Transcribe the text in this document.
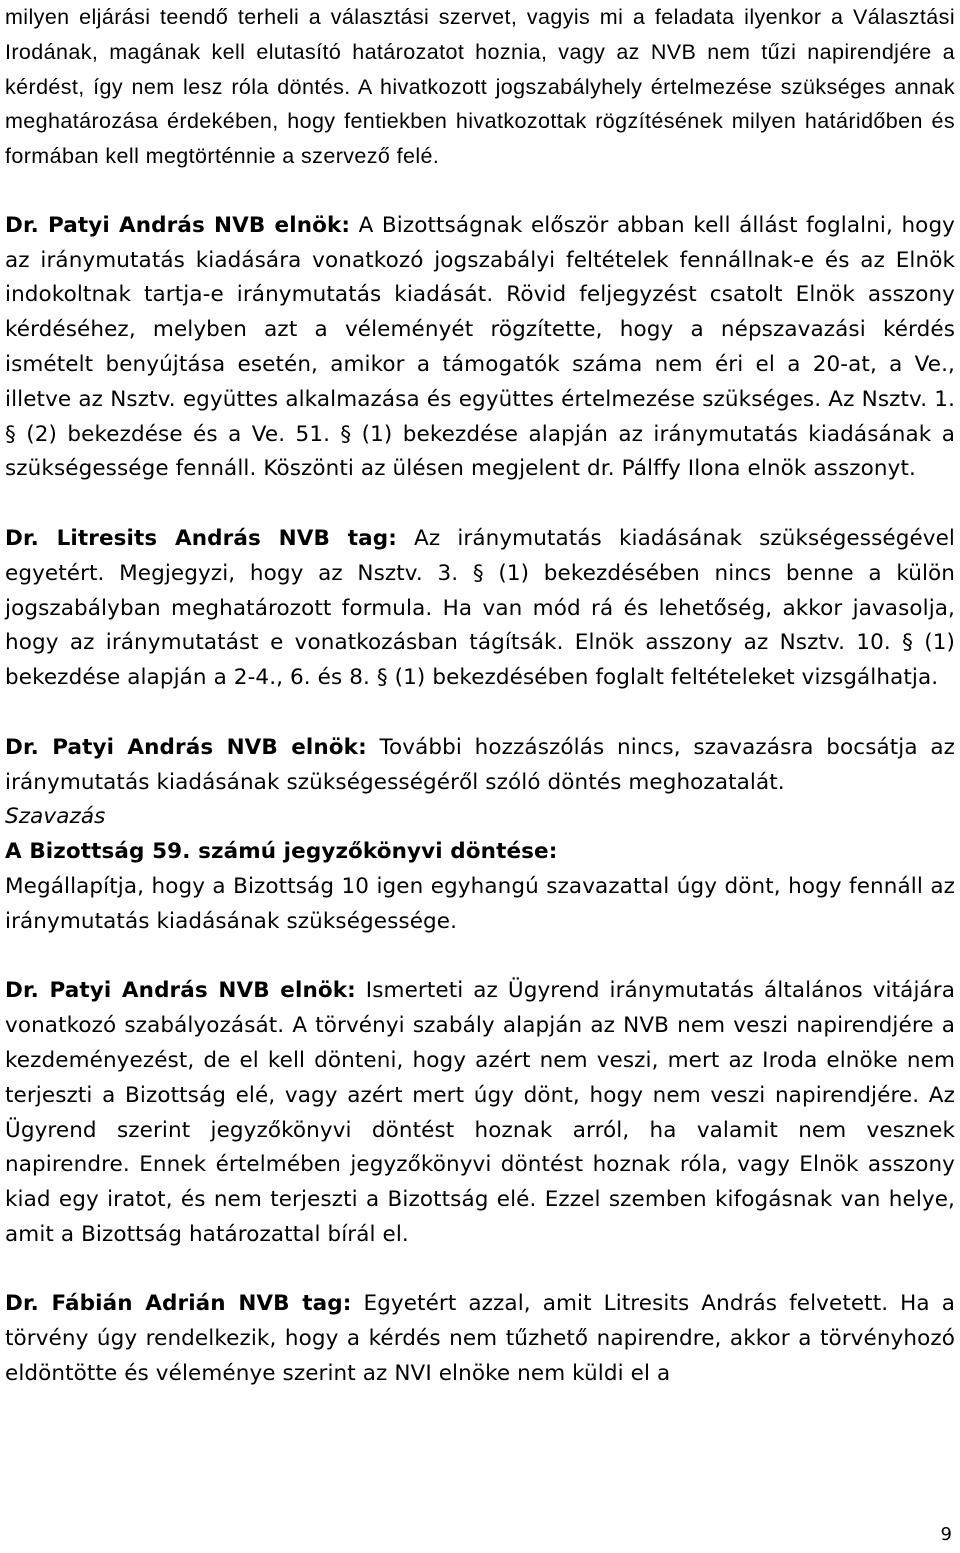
milyen eljárási teendő terheli a választási szervet, vagyis mi a feladata ilyenkor a Választási Irodának, magának kell elutasító határozatot hoznia, vagy az NVB nem tűzi napirendjére a kérdést, így nem lesz róla döntés. A hivatkozott jogszabályhely értelmezése szükséges annak meghatározása érdekében, hogy fentiekben hivatkozottak rögzítésének milyen határidőben és formában kell megtörténnie a szervező felé.

Dr. Patyi András NVB elnök: A Bizottságnak először abban kell állást foglalni, hogy az iránymutatás kiadására vonatkozó jogszabályi feltételek fennállnak-e és az Elnök indokoltnak tartja-e iránymutatás kiadását. Rövid feljegyzést csatolt Elnök asszony kérdéséhez, melyben azt a véleményét rögzítette, hogy a népszavazási kérdés ismételt benyújtása esetén, amikor a támogatók száma nem éri el a 20-at, a Ve., illetve az Nsztv. együttes alkalmazása és együttes értelmezése szükséges. Az Nsztv. 1. § (2) bekezdése és a Ve. 51. § (1) bekezdése alapján az iránymutatás kiadásának a szükségessége fennáll. Köszönti az ülésen megjelent dr. Pálffy Ilona elnök asszonyt.

Dr. Litresits András NVB tag: Az iránymutatás kiadásának szükségességével egyetért. Megjegyzi, hogy az Nsztv. 3. § (1) bekezdésében nincs benne a külön jogszabályban meghatározott formula. Ha van mód rá és lehetőség, akkor javasolja, hogy az iránymutatást e vonatkozásban tágítsák. Elnök asszony az Nsztv. 10. § (1) bekezdése alapján a 2-4., 6. és 8. § (1) bekezdésében foglalt feltételeket vizsgálhatja.

Dr. Patyi András NVB elnök: További hozzászólás nincs, szavazásra bocsátja az iránymutatás kiadásának szükségességéről szóló döntés meghozatalát.

Szavazás

A Bizottság 59. számú jegyzőkönyvi döntése:

Megállapítja, hogy a Bizottság 10 igen egyhangú szavazattal úgy dönt, hogy fennáll az iránymutatás kiadásának szükségessége.

Dr. Patyi András NVB elnök: Ismerteti az Ügyrend iránymutatás általános vitájára vonatkozó szabályozását. A törvényi szabály alapján az NVB nem veszi napirendjére a kezdeményezést, de el kell dönteni, hogy azért nem veszi, mert az Iroda elnöke nem terjeszti a Bizottság elé, vagy azért mert úgy dönt, hogy nem veszi napirendjére. Az Ügyrend szerint jegyzőkönyvi döntést hoznak arról, ha valamit nem vesznek napirendre. Ennek értelmében jegyzőkönyvi döntést hoznak róla, vagy Elnök asszony kiad egy iratot, és nem terjeszti a Bizottság elé. Ezzel szemben kifogásnak van helye, amit a Bizottság határozattal bírál el.

Dr. Fábián Adrián NVB tag: Egyetért azzal, amit Litresits András felvetett. Ha a törvény úgy rendelkezik, hogy a kérdés nem tűzhető napirendre, akkor a törvényhozó eldöntötte és véleménye szerint az NVI elnöke nem küldi el a

9
